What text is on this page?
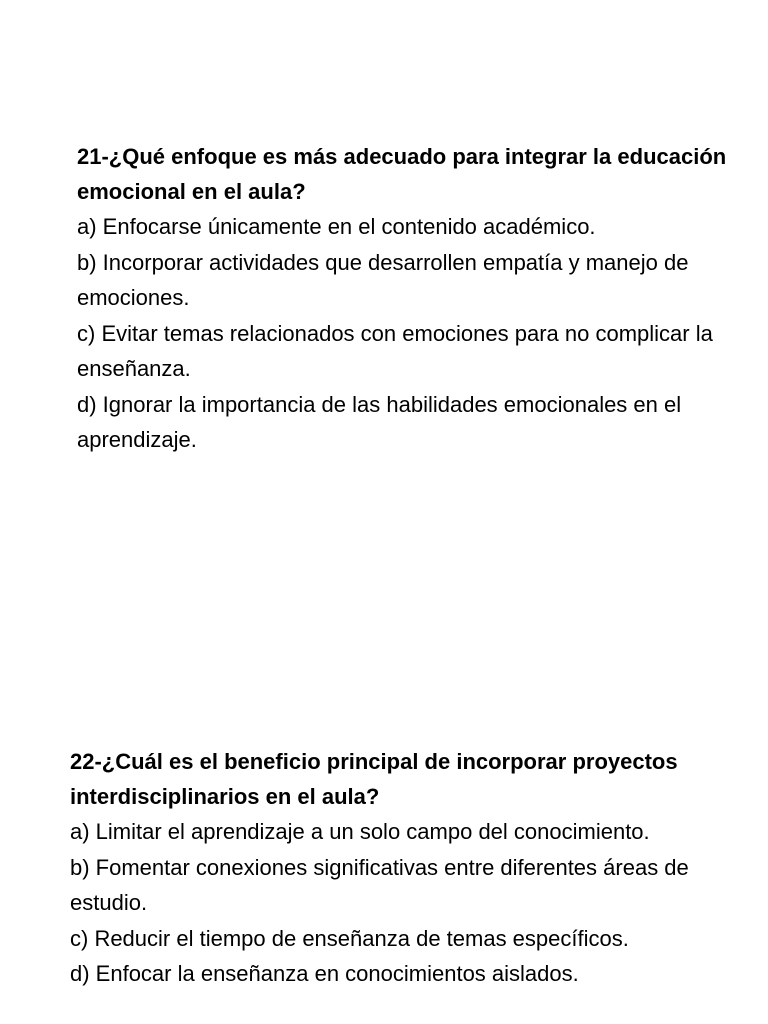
21-¿Qué enfoque es más adecuado para integrar la educación emocional en el aula?

a) Enfocarse únicamente en el contenido académico.

b) Incorporar actividades que desarrollen empatía y manejo de emociones.

c) Evitar temas relacionados con emociones para no complicar la enseñanza.

d) Ignorar la importancia de las habilidades emocionales en el aprendizaje.

22-¿Cuál es el beneficio principal de incorporar proyectos interdisciplinarios en el aula?

a) Limitar el aprendizaje a un solo campo del conocimiento.

b) Fomentar conexiones significativas entre diferentes áreas de estudio.

c) Reducir el tiempo de enseñanza de temas específicos.

d) Enfocar la enseñanza en conocimientos aislados.
